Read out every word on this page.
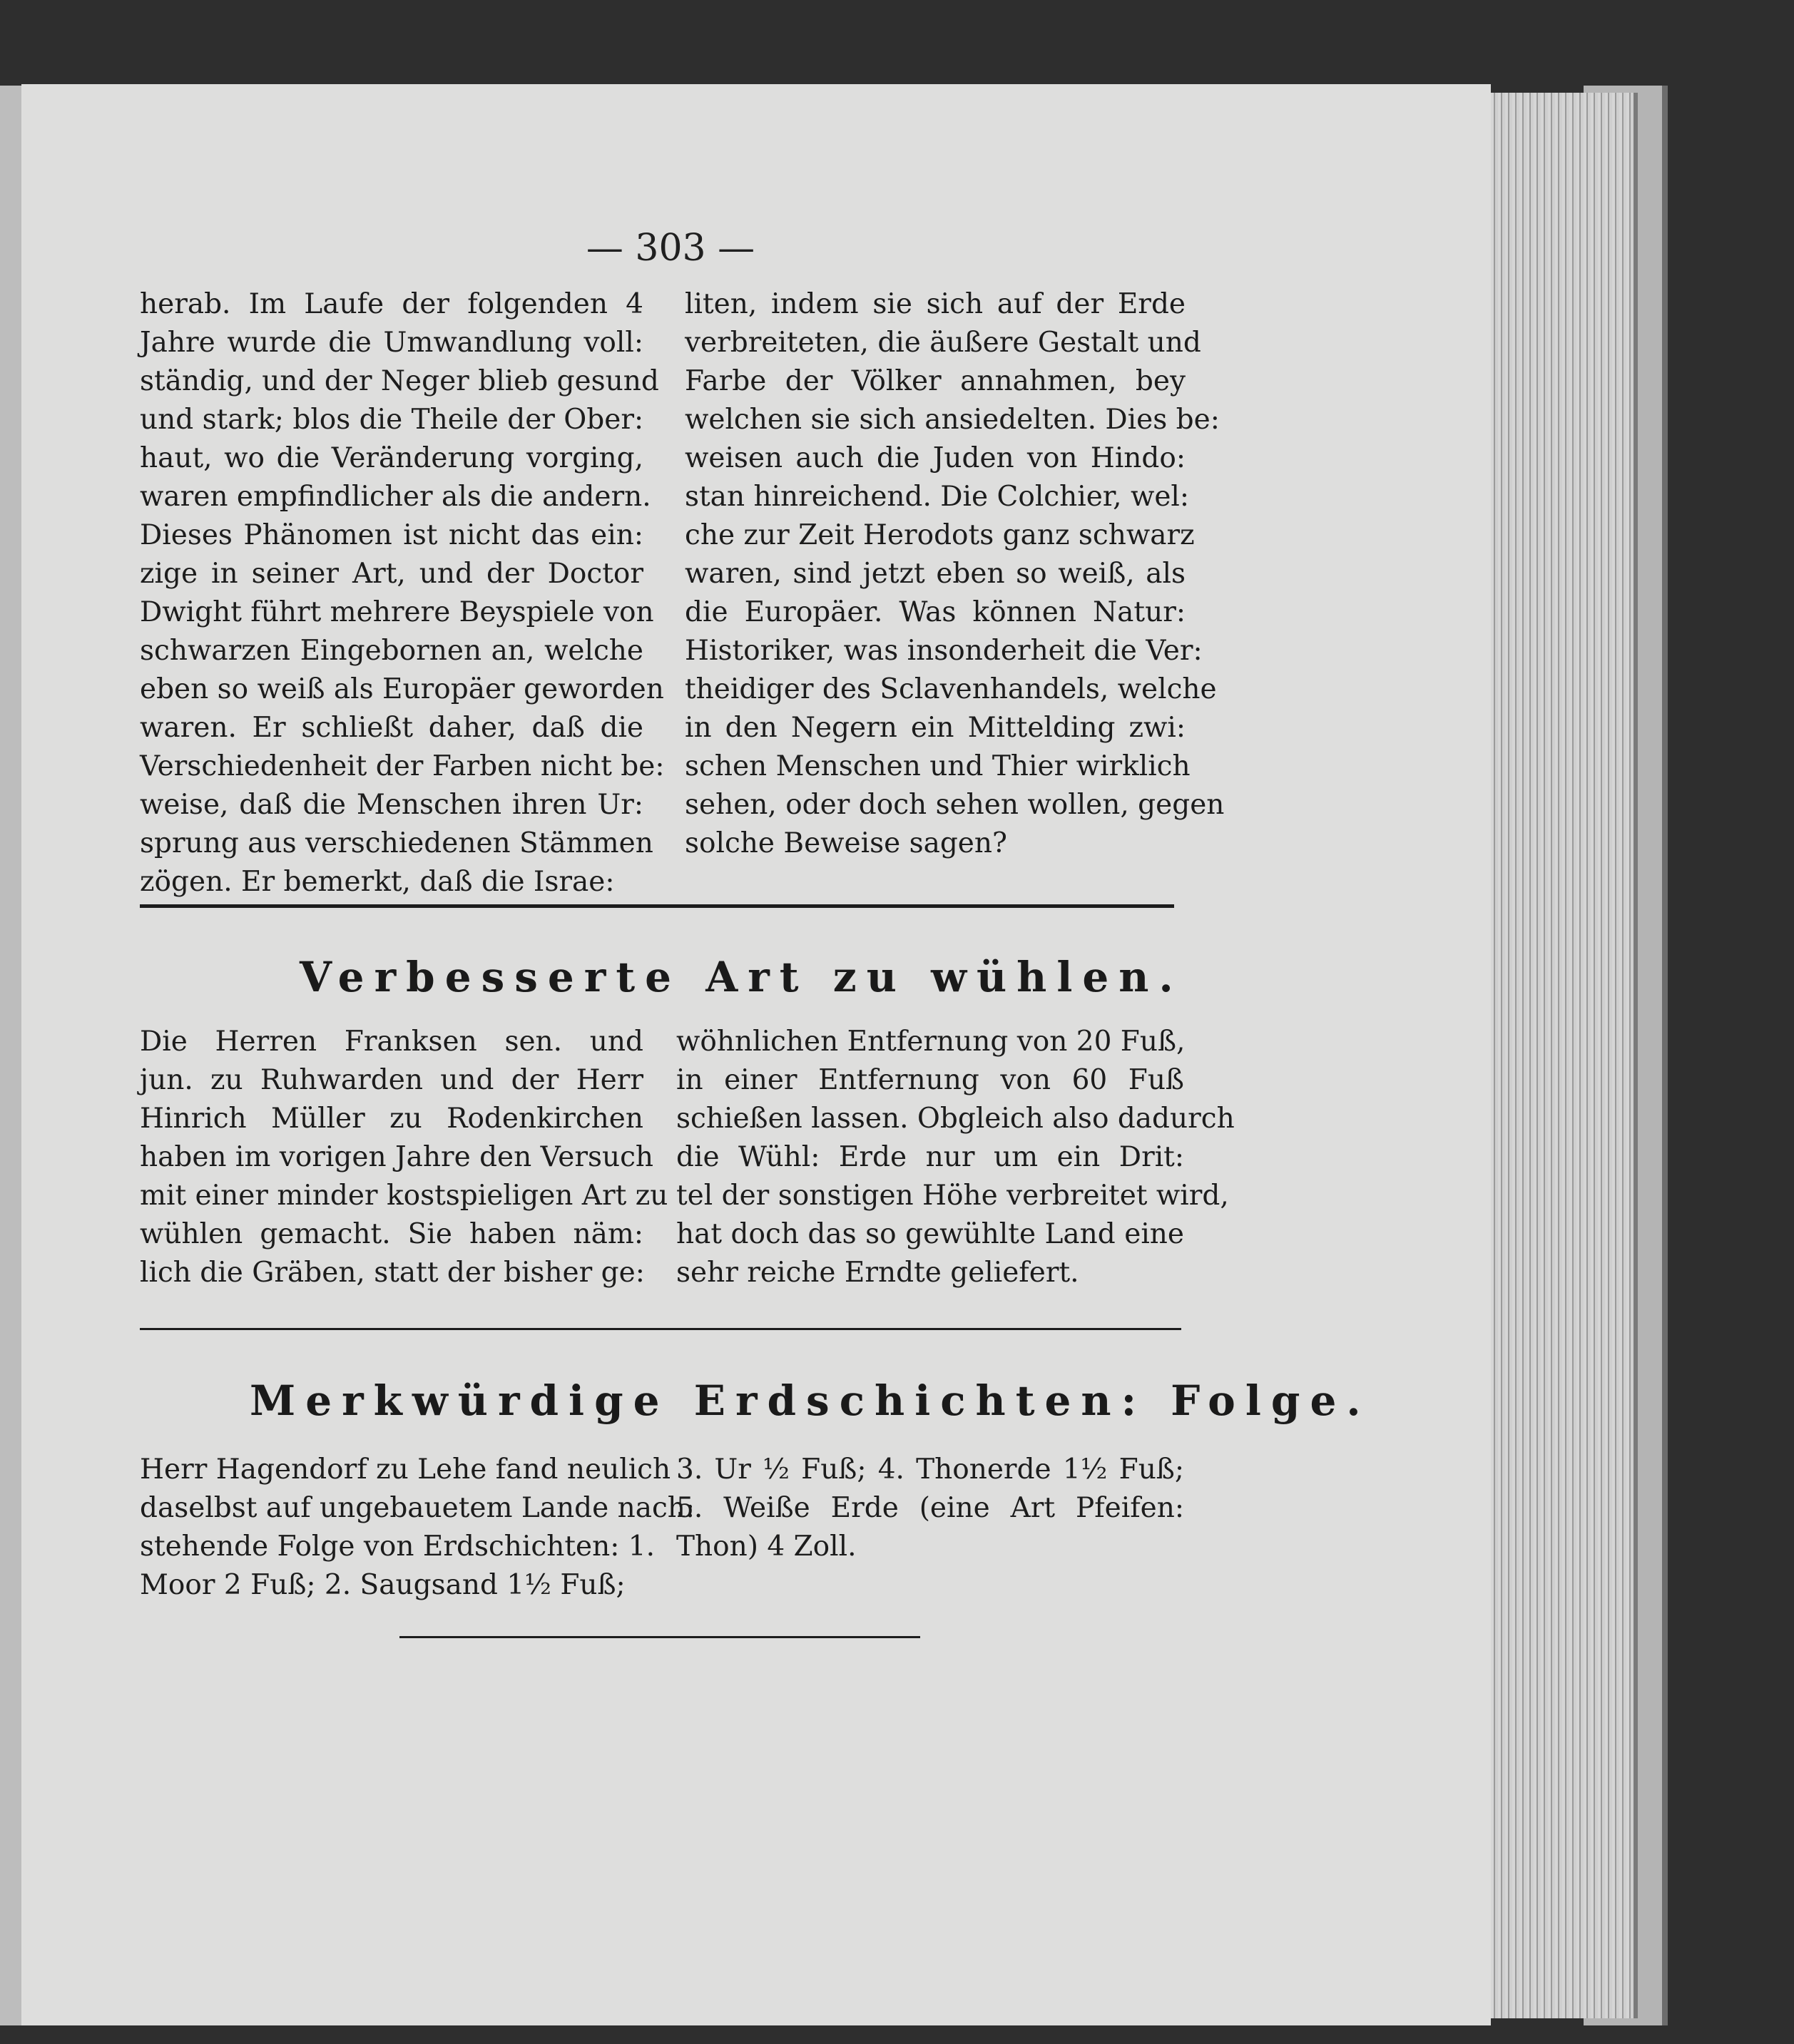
— 303 —
herab. Im Laufe der folgenden 4
Jahre wurde die Umwandlung voll:
ständig, und der Neger blieb gesund
und stark; blos die Theile der Ober:
haut, wo die Veränderung vorging,
waren empfindlicher als die andern.
Dieses Phänomen ist nicht das ein:
zige in seiner Art, und der Doctor
Dwight führt mehrere Beyspiele von
schwarzen Eingebornen an, welche
eben so weiß als Europäer geworden
waren. Er schließt daher, daß die
Verschiedenheit der Farben nicht be:
weise, daß die Menschen ihren Ur:
sprung aus verschiedenen Stämmen
zögen. Er bemerkt, daß die Israe:
liten, indem sie sich auf der Erde
verbreiteten, die äußere Gestalt und
Farbe der Völker annahmen, bey
welchen sie sich ansiedelten. Dies be:
weisen auch die Juden von Hindo:
stan hinreichend. Die Colchier, wel:
che zur Zeit Herodots ganz schwarz
waren, sind jetzt eben so weiß, als
die Europäer. Was können Natur:
Historiker, was insonderheit die Ver:
theidiger des Sclavenhandels, welche
in den Negern ein Mittelding zwi:
schen Menschen und Thier wirklich
sehen, oder doch sehen wollen, gegen
solche Beweise sagen?
Verbesserte Art zu wühlen.
Die Herren Franksen sen. und
jun. zu Ruhwarden und der Herr
Hinrich Müller zu Rodenkirchen
haben im vorigen Jahre den Versuch
mit einer minder kostspieligen Art zu
wühlen gemacht. Sie haben näm:
lich die Gräben, statt der bisher ge:
wöhnlichen Entfernung von 20 Fuß,
in einer Entfernung von 60 Fuß
schießen lassen. Obgleich also dadurch
die Wühl: Erde nur um ein Drit:
tel der sonstigen Höhe verbreitet wird,
hat doch das so gewühlte Land eine
sehr reiche Erndte geliefert.
Merkwürdige Erdschichten: Folge.
Herr Hagendorf zu Lehe fand neulich
daselbst auf ungebauetem Lande nach:
stehende Folge von Erdschichten: 1.
Moor 2 Fuß; 2. Saugsand 1½ Fuß;
3. Ur ½ Fuß; 4. Thonerde 1½ Fuß;
5. Weiße Erde (eine Art Pfeifen:
Thon) 4 Zoll.
